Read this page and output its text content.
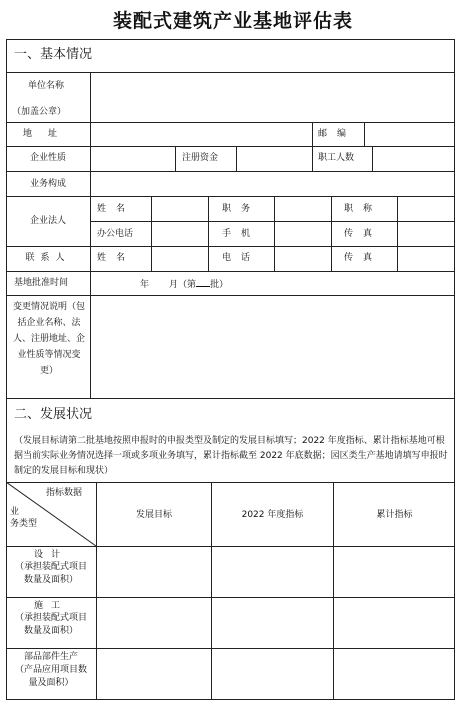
装配式建筑产业基地评估表
一、基本情况
单位名称
（加盖公章）
地址	邮编
企业性质	注册资金	职工人数
业务构成
企业法人
姓名	职务	职称
办公电话	手机	传真
联系人	姓名	电话	传真
基地批准时间	年 月（第 批）
变更情况说明（包括企业名称、法人、注册地址、企业性质等情况变更）
二、发展状况
（发展目标请第二批基地按照申报时的申报类型及制定的发展目标填写；2022 年度指标、累计指标基地可根据当前实际业务情况选择一项或多项业务填写，累计指标截至 2022 年底数据；园区类生产基地请填写申报时制定的发展目标和现状）
指标数据
业
务类型
发展目标	2022 年度指标	累计指标
设计
（承担装配式项目数量及面积）
施工
（承担装配式项目数量及面积）
部品部件生产
（产品应用项目数量及面积）
